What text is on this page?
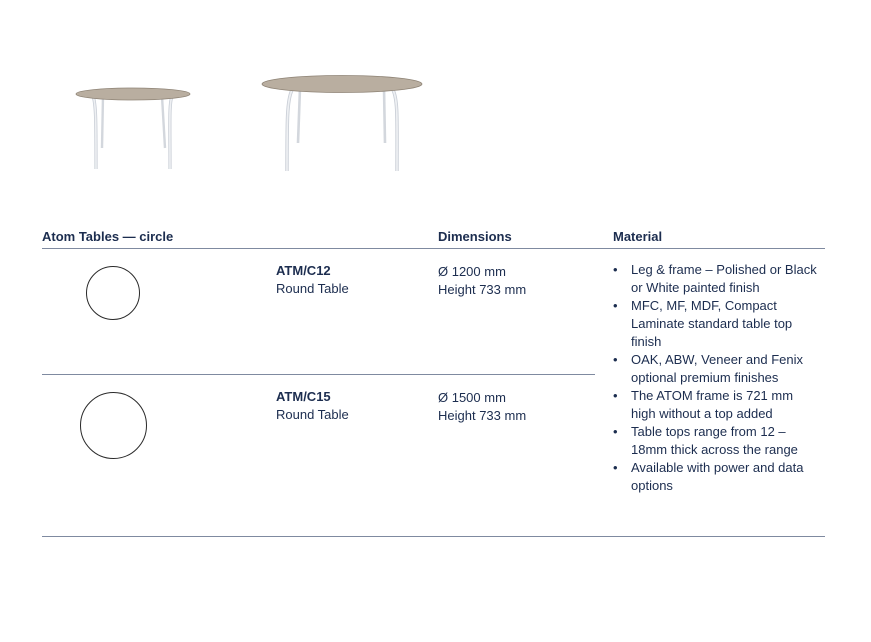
Atom Tables — circle	Dimensions	Material
ATM/C12
Round Table
Ø 1200 mm
Height 733 mm
ATM/C15
Round Table
Ø 1500 mm
Height 733 mm
• Leg & frame – Polished or Black or White painted finish
• MFC, MF, MDF, Compact Laminate standard table top finish
• OAK, ABW, Veneer and Fenix optional premium finishes
• The ATOM frame is 721 mm high without a top added
• Table tops range from 12 – 18mm thick across the range
• Available with power and data options
